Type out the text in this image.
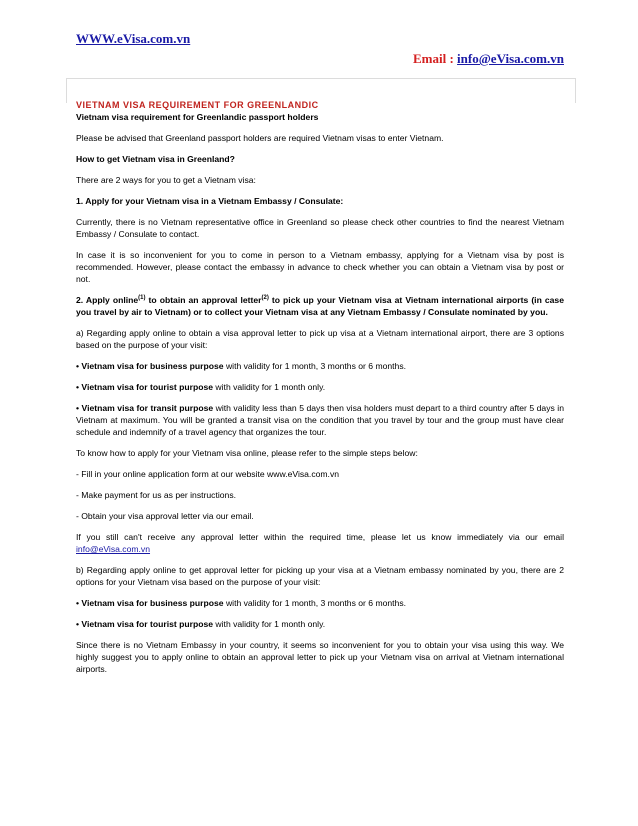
WWW.eVisa.com.vn
Email : info@eVisa.com.vn

VIETNAM VISA REQUIREMENT FOR GREENLANDIC

Vietnam visa requirement for Greenlandic passport holders

Please be advised that Greenland passport holders are required Vietnam visas to enter Vietnam.

How to get Vietnam visa in Greenland?

There are 2 ways for you to get a Vietnam visa:

1. Apply for your Vietnam visa in a Vietnam Embassy / Consulate:

Currently, there is no Vietnam representative office in Greenland so please check other countries to find the nearest Vietnam Embassy / Consulate to contact.

In case it is so inconvenient for you to come in person to a Vietnam embassy, applying for a Vietnam visa by post is recommended. However, please contact the embassy in advance to check whether you can obtain a Vietnam visa by post or not.

2. Apply online$^{(1)}$ to obtain an approval letter$^{(2)}$ to pick up your Vietnam visa at Vietnam international airports (in case you travel by air to Vietnam) or to collect your Vietnam visa at any Vietnam Embassy / Consulate nominated by you.

a) Regarding apply online to obtain a visa approval letter to pick up visa at a Vietnam international airport, there are 3 options based on the purpose of your visit:

• Vietnam visa for business purpose with validity for 1 month, 3 months or 6 months.

• Vietnam visa for tourist purpose with validity for 1 month only.

• Vietnam visa for transit purpose with validity less than 5 days then visa holders must depart to a third country after 5 days in Vietnam at maximum. You will be granted a transit visa on the condition that you travel by tour and the group must have clear schedule and indemnify of a travel agency that organizes the tour.

To know how to apply for your Vietnam visa online, please refer to the simple steps below:

- Fill in your online application form at our website www.eVisa.com.vn

- Make payment for us as per instructions.

- Obtain your visa approval letter via our email.

If you still can't receive any approval letter within the required time, please let us know immediately via our email info@eVisa.com.vn

b) Regarding apply online to get approval letter for picking up your visa at a Vietnam embassy nominated by you, there are 2 options for your Vietnam visa based on the purpose of your visit:

• Vietnam visa for business purpose with validity for 1 month, 3 months or 6 months.

• Vietnam visa for tourist purpose with validity for 1 month only.

Since there is no Vietnam Embassy in your country, it seems so inconvenient for you to obtain your visa using this way. We highly suggest you to apply online to obtain an approval letter to pick up your Vietnam visa on arrival at Vietnam international airports.
